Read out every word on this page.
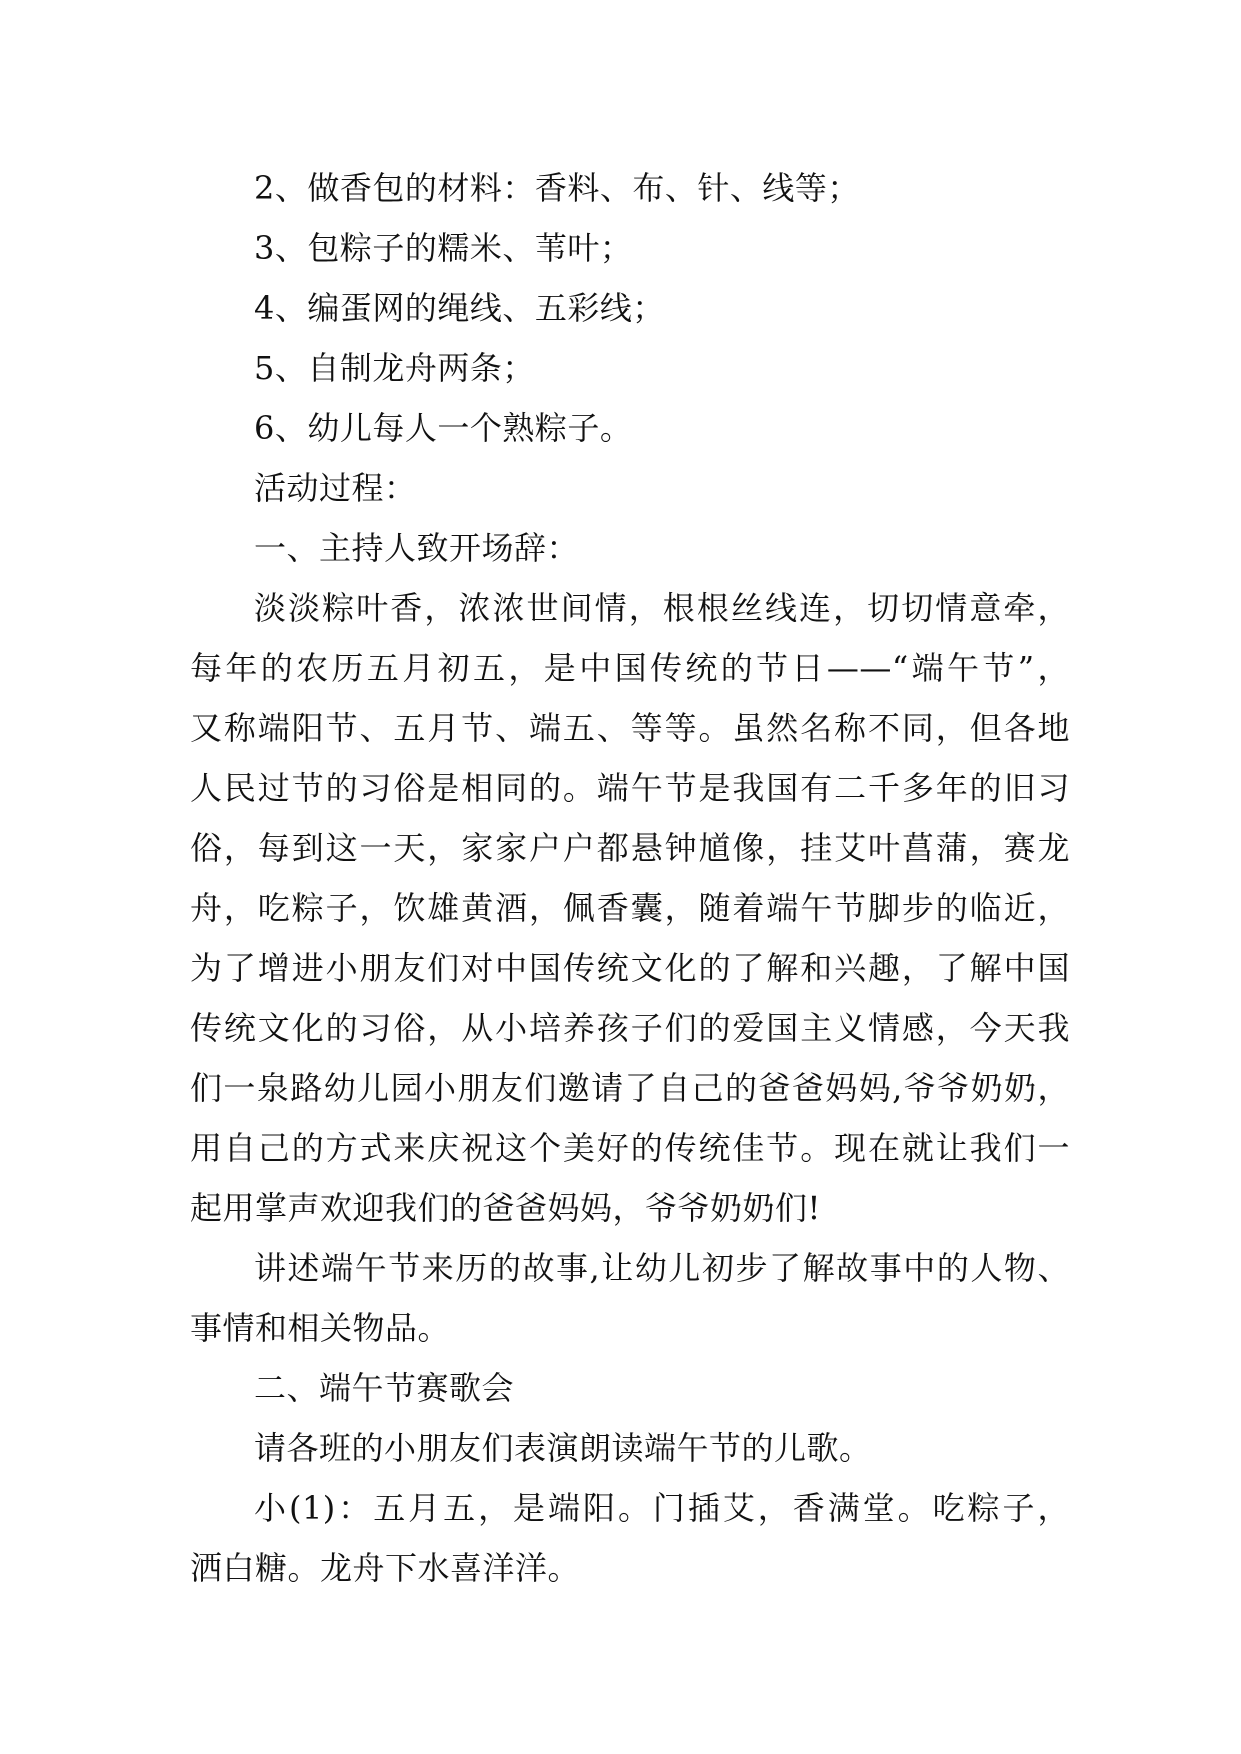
2、做香包的材料：香料、布、针、线等；
3、包粽子的糯米、苇叶；
4、编蛋网的绳线、五彩线；
5、自制龙舟两条；
6、幼儿每人一个熟粽子。
活动过程：
一、主持人致开场辞：
淡淡粽叶香，浓浓世间情，根根丝线连，切切情意牵，
每年的农历五月初五，是中国传统的节日——“端午节”，
又称端阳节、五月节、端五、等等。虽然名称不同，但各地
人民过节的习俗是相同的。端午节是我国有二千多年的旧习
俗，每到这一天，家家户户都悬钟馗像，挂艾叶菖蒲，赛龙
舟，吃粽子，饮雄黄酒，佩香囊，随着端午节脚步的临近，
为了增进小朋友们对中国传统文化的了解和兴趣，了解中国
传统文化的习俗，从小培养孩子们的爱国主义情感，今天我
们一泉路幼儿园小朋友们邀请了自己的爸爸妈妈,爷爷奶奶，
用自己的方式来庆祝这个美好的传统佳节。现在就让我们一
起用掌声欢迎我们的爸爸妈妈，爷爷奶奶们!
讲述端午节来历的故事,让幼儿初步了解故事中的人物、
事情和相关物品。
二、端午节赛歌会
请各班的小朋友们表演朗读端午节的儿歌。
小(1)：五月五，是端阳。门插艾，香满堂。吃粽子，
洒白糖。龙舟下水喜洋洋。
